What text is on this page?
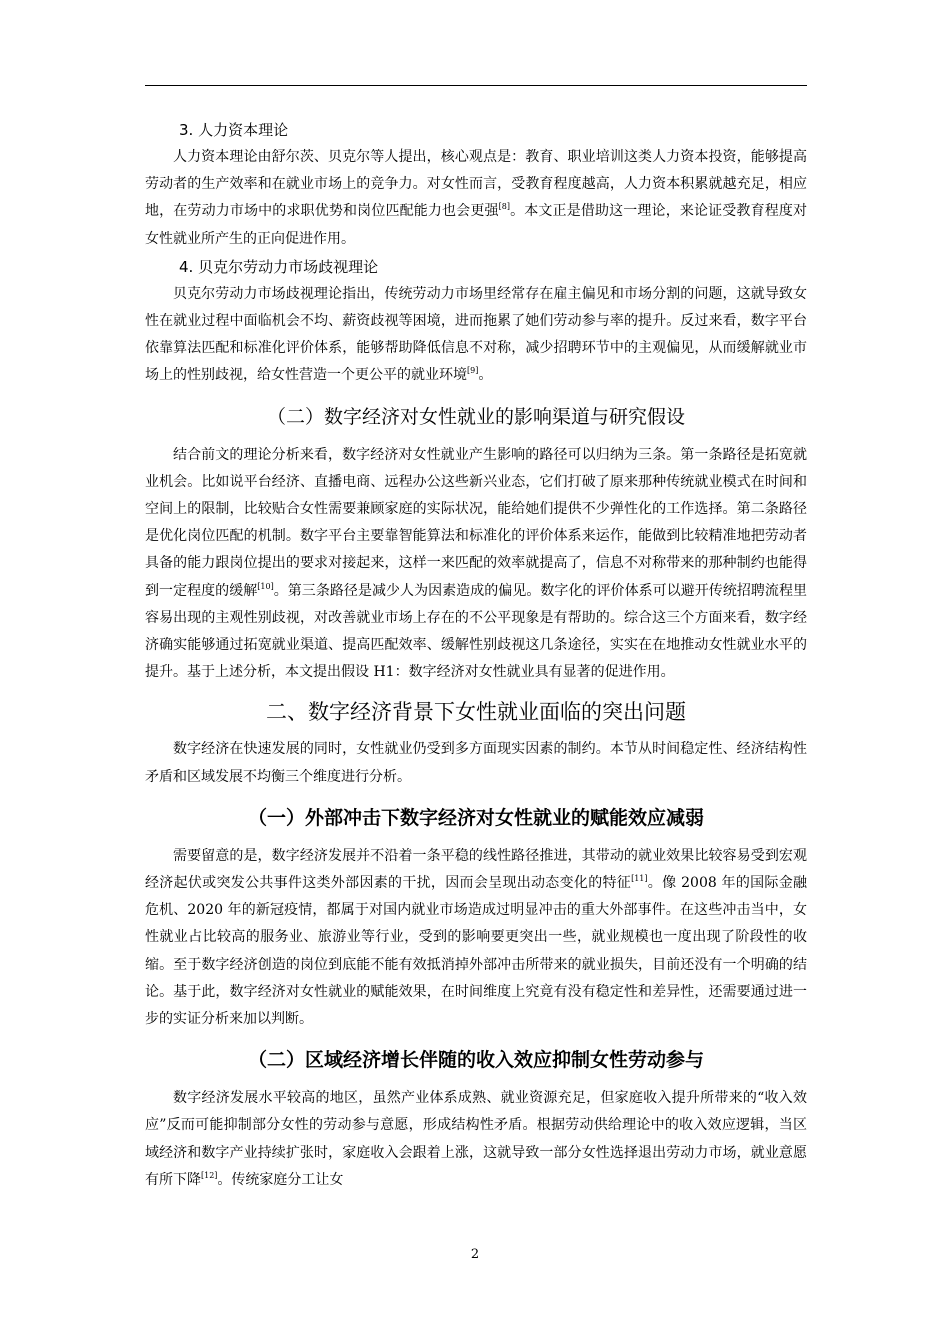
3. 人力资本理论

人力资本理论由舒尔茨、贝克尔等人提出，核心观点是：教育、职业培训这类人力资本投资，能够提高劳动者的生产效率和在就业市场上的竞争力。对女性而言，受教育程度越高，人力资本积累就越充足，相应地，在劳动力市场中的求职优势和岗位匹配能力也会更强[8]。本文正是借助这一理论，来论证受教育程度对女性就业所产生的正向促进作用。

4. 贝克尔劳动力市场歧视理论

贝克尔劳动力市场歧视理论指出，传统劳动力市场里经常存在雇主偏见和市场分割的问题，这就导致女性在就业过程中面临机会不均、薪资歧视等困境，进而拖累了她们劳动参与率的提升。反过来看，数字平台依靠算法匹配和标准化评价体系，能够帮助降低信息不对称，减少招聘环节中的主观偏见，从而缓解就业市场上的性别歧视，给女性营造一个更公平的就业环境[9]。

（二）数字经济对女性就业的影响渠道与研究假设

结合前文的理论分析来看，数字经济对女性就业产生影响的路径可以归纳为三条。第一条路径是拓宽就业机会。比如说平台经济、直播电商、远程办公这些新兴业态，它们打破了原来那种传统就业模式在时间和空间上的限制，比较贴合女性需要兼顾家庭的实际状况，能给她们提供不少弹性化的工作选择。第二条路径是优化岗位匹配的机制。数字平台主要靠智能算法和标准化的评价体系来运作，能做到比较精准地把劳动者具备的能力跟岗位提出的要求对接起来，这样一来匹配的效率就提高了，信息不对称带来的那种制约也能得到一定程度的缓解[10]。第三条路径是减少人为因素造成的偏见。数字化的评价体系可以避开传统招聘流程里容易出现的主观性别歧视，对改善就业市场上存在的不公平现象是有帮助的。综合这三个方面来看，数字经济确实能够通过拓宽就业渠道、提高匹配效率、缓解性别歧视这几条途径，实实在在地推动女性就业水平的提升。基于上述分析，本文提出假设 H1：数字经济对女性就业具有显著的促进作用。

二、数字经济背景下女性就业面临的突出问题

数字经济在快速发展的同时，女性就业仍受到多方面现实因素的制约。本节从时间稳定性、经济结构性矛盾和区域发展不均衡三个维度进行分析。

（一）外部冲击下数字经济对女性就业的赋能效应减弱

需要留意的是，数字经济发展并不沿着一条平稳的线性路径推进，其带动的就业效果比较容易受到宏观经济起伏或突发公共事件这类外部因素的干扰，因而会呈现出动态变化的特征[11]。像 2008 年的国际金融危机、2020 年的新冠疫情，都属于对国内就业市场造成过明显冲击的重大外部事件。在这些冲击当中，女性就业占比较高的服务业、旅游业等行业，受到的影响要更突出一些，就业规模也一度出现了阶段性的收缩。至于数字经济创造的岗位到底能不能有效抵消掉外部冲击所带来的就业损失，目前还没有一个明确的结论。基于此，数字经济对女性就业的赋能效果，在时间维度上究竟有没有稳定性和差异性，还需要通过进一步的实证分析来加以判断。

（二）区域经济增长伴随的收入效应抑制女性劳动参与

数字经济发展水平较高的地区，虽然产业体系成熟、就业资源充足，但家庭收入提升所带来的“收入效应”反而可能抑制部分女性的劳动参与意愿，形成结构性矛盾。根据劳动供给理论中的收入效应逻辑，当区域经济和数字产业持续扩张时，家庭收入会跟着上涨，这就导致一部分女性选择退出劳动力市场，就业意愿有所下降[12]。传统家庭分工让女

2
